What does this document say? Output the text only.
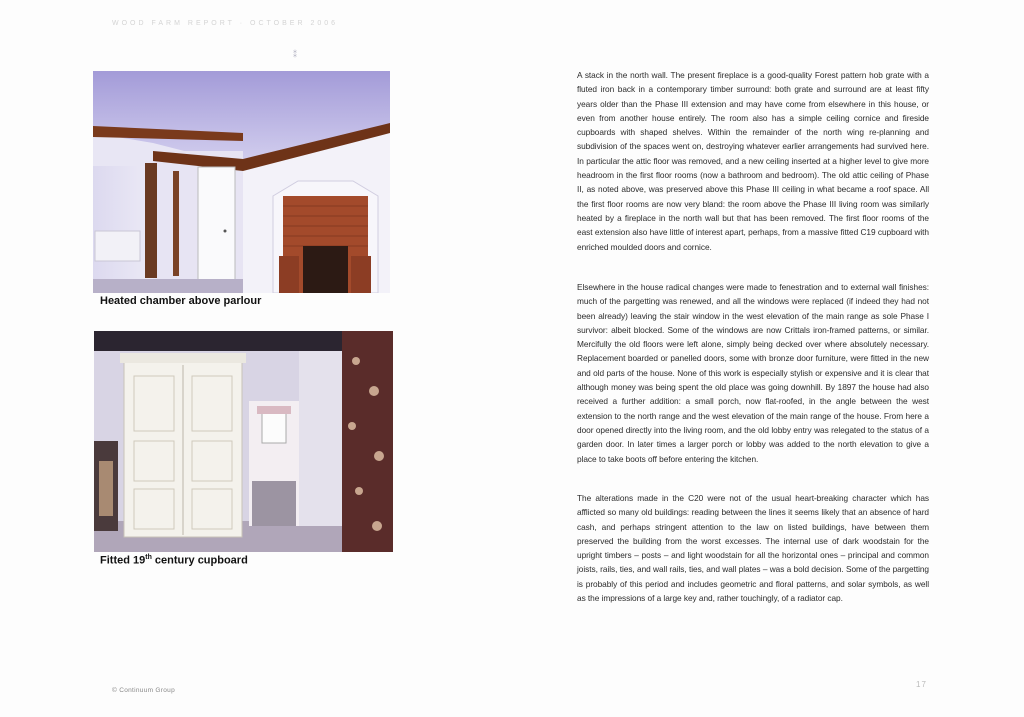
WOOD FARM REPORT · OCTOBER 2006
⁑
Heated chamber above parlour
Fitted 19th century cupboard

A stack in the north wall. The present fireplace is a good-quality Forest pattern hob grate with a fluted iron back in a contemporary timber surround: both grate and surround are at least fifty years older than the Phase III extension and may have come from elsewhere in this house, or even from another house entirely. The room also has a simple ceiling cornice and fireside cupboards with shaped shelves. Within the remainder of the north wing re-planning and subdivision of the spaces went on, destroying whatever earlier arrangements had survived here. In particular the attic floor was removed, and a new ceiling inserted at a higher level to give more headroom in the first floor rooms (now a bathroom and bedroom). The old attic ceiling of Phase II, as noted above, was preserved above this Phase III ceiling in what became a roof space. All the first floor rooms are now very bland: the room above the Phase III living room was similarly heated by a fireplace in the north wall but that has been removed. The first floor rooms of the east extension also have little of interest apart, perhaps, from a massive fitted C19 cupboard with enriched moulded doors and cornice.

Elsewhere in the house radical changes were made to fenestration and to external wall finishes: much of the pargetting was renewed, and all the windows were replaced (if indeed they had not been already) leaving the stair window in the west elevation of the main range as sole Phase I survivor: albeit blocked. Some of the windows are now Crittals iron-framed patterns, or similar. Mercifully the old floors were left alone, simply being decked over where absolutely necessary. Replacement boarded or panelled doors, some with bronze door furniture, were fitted in the new and old parts of the house. None of this work is especially stylish or expensive and it is clear that although money was being spent the old place was going downhill. By 1897 the house had also received a further addition: a small porch, now flat-roofed, in the angle between the west extension to the north range and the west elevation of the main range of the house. From here a door opened directly into the living room, and the old lobby entry was relegated to the status of a garden door. In later times a larger porch or lobby was added to the north elevation to give a place to take boots off before entering the kitchen.

The alterations made in the C20 were not of the usual heart-breaking character which has afflicted so many old buildings: reading between the lines it seems likely that an absence of hard cash, and perhaps stringent attention to the law on listed buildings, have between them preserved the building from the worst excesses. The internal use of dark woodstain for the upright timbers – posts – and light woodstain for all the horizontal ones – principal and common joists, rails, ties, and wall rails, ties, and wall plates – was a bold decision. Some of the pargetting is probably of this period and includes geometric and floral patterns, and solar symbols, as well as the impressions of a large key and, rather touchingly, of a radiator cap.

© Continuum Group
17
